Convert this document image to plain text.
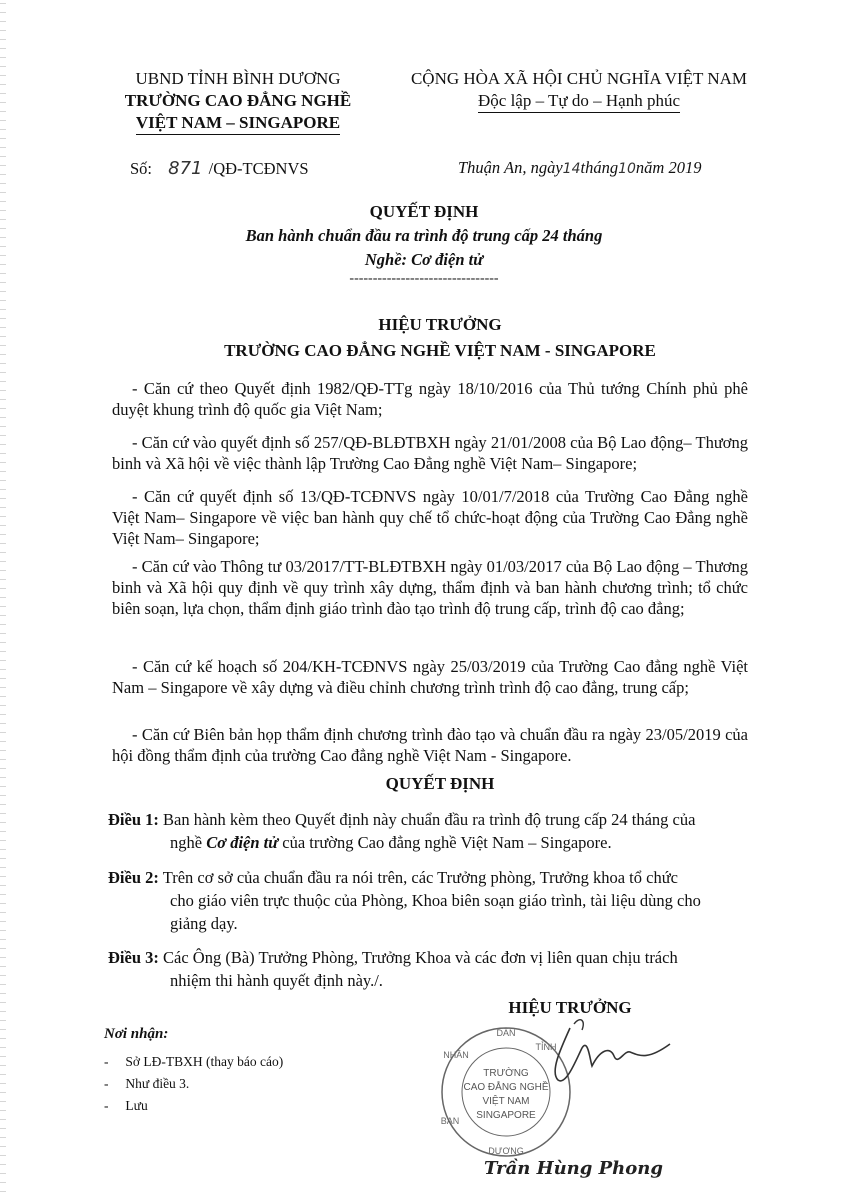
UBND TỈNH BÌNH DƯƠNG
TRƯỜNG CAO ĐẲNG NGHỀ
VIỆT NAM – SINGAPORE
CỘNG HÒA XÃ HỘI CHỦ NGHĨA VIỆT NAM
Độc lập – Tự do – Hạnh phúc
Số: 871 /QĐ-TCĐNVS	Thuận An, ngày14tháng10năm 2019
QUYẾT ĐỊNH
Ban hành chuẩn đầu ra trình độ trung cấp 24 tháng
Nghề: Cơ điện tử
--------------------------------
HIỆU TRƯỞNG
TRƯỜNG CAO ĐẲNG NGHỀ VIỆT NAM - SINGAPORE
- Căn cứ theo Quyết định 1982/QĐ-TTg ngày 18/10/2016 của Thủ tướng Chính phủ phê duyệt khung trình độ quốc gia Việt Nam;
- Căn cứ vào quyết định số 257/QĐ-BLĐTBXH ngày 21/01/2008 của Bộ Lao động– Thương binh và Xã hội về việc thành lập Trường Cao Đẳng nghề Việt Nam– Singapore;
- Căn cứ quyết định số 13/QĐ-TCĐNVS ngày 10/01/7/2018 của Trường Cao Đẳng nghề Việt Nam– Singapore về việc ban hành quy chế tổ chức-hoạt động của Trường Cao Đẳng nghề Việt Nam– Singapore;
- Căn cứ vào Thông tư 03/2017/TT-BLĐTBXH ngày 01/03/2017 của Bộ Lao động – Thương binh và Xã hội quy định về quy trình xây dựng, thẩm định và ban hành chương trình; tổ chức biên soạn, lựa chọn, thẩm định giáo trình đào tạo trình độ trung cấp, trình độ cao đẳng;
- Căn cứ kế hoạch số 204/KH-TCĐNVS ngày 25/03/2019 của Trường Cao đẳng nghề Việt Nam – Singapore về xây dựng và điều chỉnh chương trình trình độ cao đẳng, trung cấp;
- Căn cứ Biên bản họp thẩm định chương trình đào tạo và chuẩn đầu ra ngày 23/05/2019 của hội đồng thẩm định của trường Cao đẳng nghề Việt Nam - Singapore.
QUYẾT ĐỊNH
Điều 1: Ban hành kèm theo Quyết định này chuẩn đầu ra trình độ trung cấp 24 tháng của
nghề Cơ điện tử của trường Cao đẳng nghề Việt Nam – Singapore.
Điều 2: Trên cơ sở của chuẩn đầu ra nói trên, các Trưởng phòng, Trưởng khoa tổ chức
cho giáo viên trực thuộc của Phòng, Khoa biên soạn giáo trình, tài liệu dùng cho
giảng dạy.
Điều 3: Các Ông (Bà) Trưởng Phòng, Trưởng Khoa và các đơn vị liên quan chịu trách
nhiệm thi hành quyết định này./.
Nơi nhận:
-     Sở LĐ-TBXH (thay báo cáo)
-     Như điều 3.
-     Lưu
HIỆU TRƯỞNG
DÂN
TỈNH
NHÂN
BAN
DƯƠNG
TRƯỜNG
CAO ĐẲNG NGHỀ
VIỆT NAM
SINGAPORE
Trần Hùng Phong
